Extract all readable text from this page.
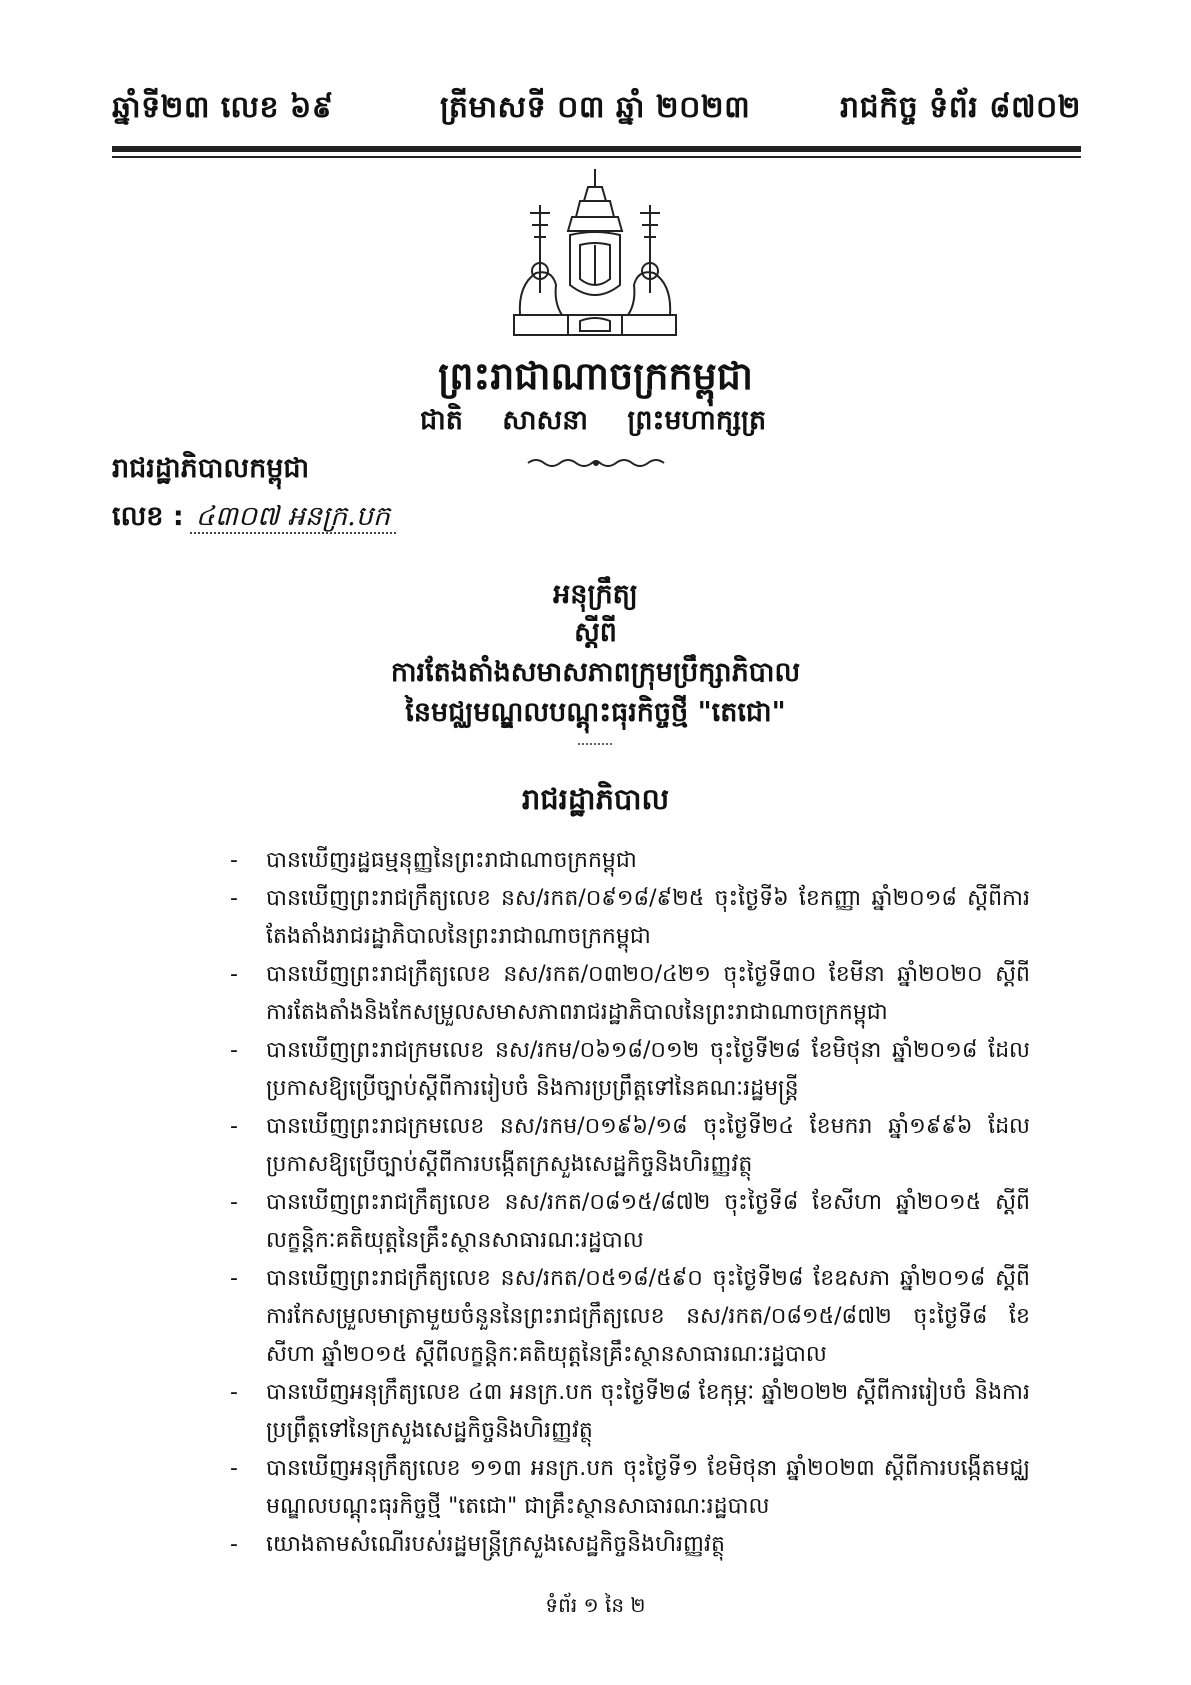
ឆ្នាំទី២៣ លេខ ៦៩	ត្រីមាសទី ០៣ ឆ្នាំ ២០២៣	រាជកិច្ច ទំព័រ ៨៧០២
ព្រះរាជាណាចក្រកម្ពុជា
ជាតិ សាសនា ព្រះមហាក្សត្រ
រាជរដ្ឋាភិបាលកម្ពុជា
លេខ : ៤៣០៧ អនក្រ.បក
អនុក្រឹត្យ
ស្ដីពី
ការតែងតាំងសមាសភាពក្រុមប្រឹក្សាភិបាល
នៃមជ្ឈមណ្ឌលបណ្ដុះធុរកិច្ចថ្មី "តេជោ"
រាជរដ្ឋាភិបាល
-	បានឃើញរដ្ឋធម្មនុញ្ញនៃព្រះរាជាណាចក្រកម្ពុជា
-	បានឃើញព្រះរាជក្រឹត្យលេខ នស/រកត/០៩១៨/៩២៥ ចុះថ្ងៃទី៦ ខែកញ្ញា ឆ្នាំ២០១៨ ស្ដីពីការតែងតាំងរាជរដ្ឋាភិបាលនៃព្រះរាជាណាចក្រកម្ពុជា
-	បានឃើញព្រះរាជក្រឹត្យលេខ នស/រកត/០៣២០/៤២១ ចុះថ្ងៃទី៣០ ខែមីនា ឆ្នាំ២០២០ ស្ដីពីការតែងតាំងនិងកែសម្រួលសមាសភាពរាជរដ្ឋាភិបាលនៃព្រះរាជាណាចក្រកម្ពុជា
-	បានឃើញព្រះរាជក្រមលេខ នស/រកម/០៦១៨/០១២ ចុះថ្ងៃទី២៨ ខែមិថុនា ឆ្នាំ២០១៨ ដែលប្រកាសឱ្យប្រើច្បាប់ស្ដីពីការរៀបចំ និងការប្រព្រឹត្តទៅនៃគណៈរដ្ឋមន្ត្រី
-	បានឃើញព្រះរាជក្រមលេខ នស/រកម/០១៩៦/១៨ ចុះថ្ងៃទី២៤ ខែមករា ឆ្នាំ១៩៩៦ ដែលប្រកាសឱ្យប្រើច្បាប់ស្ដីពីការបង្កើតក្រសួងសេដ្ឋកិច្ចនិងហិរញ្ញវត្ថុ
-	បានឃើញព្រះរាជក្រឹត្យលេខ នស/រកត/០៨១៥/៨៧២ ចុះថ្ងៃទី៨ ខែសីហា ឆ្នាំ២០១៥ ស្ដីពីលក្ខន្តិកៈគតិយុត្តនៃគ្រឹះស្ថានសាធារណៈរដ្ឋបាល
-	បានឃើញព្រះរាជក្រឹត្យលេខ នស/រកត/០៥១៨/៥៩០ ចុះថ្ងៃទី២៨ ខែឧសភា ឆ្នាំ២០១៨ ស្ដីពីការកែសម្រួលមាត្រាមួយចំនួននៃព្រះរាជក្រឹត្យលេខ នស/រកត/០៨១៥/៨៧២ ចុះថ្ងៃទី៨ ខែសីហា ឆ្នាំ២០១៥ ស្ដីពីលក្ខន្តិកៈគតិយុត្តនៃគ្រឹះស្ថានសាធារណៈរដ្ឋបាល
-	បានឃើញអនុក្រឹត្យលេខ ៤៣ អនក្រ.បក ចុះថ្ងៃទី២៨ ខែកុម្ភៈ ឆ្នាំ២០២២ ស្ដីពីការរៀបចំ និងការប្រព្រឹត្តទៅនៃក្រសួងសេដ្ឋកិច្ចនិងហិរញ្ញវត្ថុ
-	បានឃើញអនុក្រឹត្យលេខ ១១៣ អនក្រ.បក ចុះថ្ងៃទី១ ខែមិថុនា ឆ្នាំ២០២៣ ស្ដីពីការបង្កើតមជ្ឈមណ្ឌលបណ្ដុះធុរកិច្ចថ្មី "តេជោ" ជាគ្រឹះស្ថានសាធារណៈរដ្ឋបាល
-	យោងតាមសំណើរបស់រដ្ឋមន្ត្រីក្រសួងសេដ្ឋកិច្ចនិងហិរញ្ញវត្ថុ
ទំព័រ ១ នៃ ២
